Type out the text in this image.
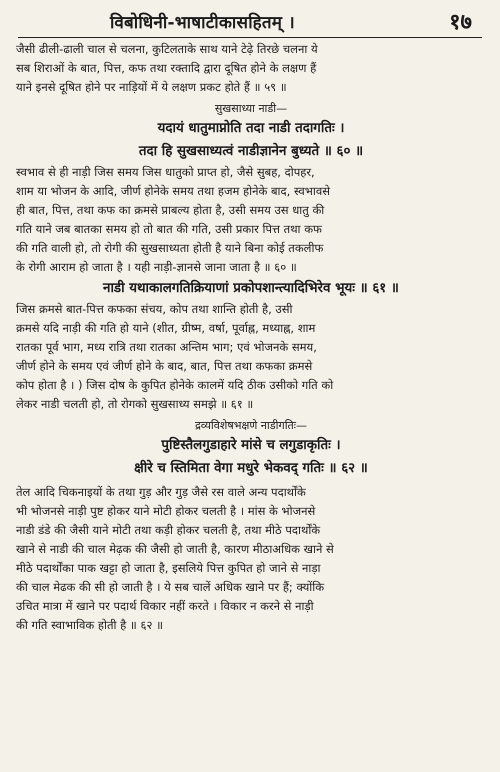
विबोधिनी-भाषाटीकासहितम् ।	१७

जैसी ढीली-ढाली चाल से चलना, कुटिलताके साथ याने टेढ़े तिरछे चलना ये
सब शिराओं के बात, पित्त, कफ तथा रक्तादि द्वारा दूषित होने के लक्षण हैं
याने इनसे दूषित होने पर नाड़ियों में ये लक्षण प्रकट होते हैं ॥ ५९ ॥

सुखसाध्या नाडी—

यदायं धातुमाप्नोति तदा नाडी तदागतिः ।
तदा हि सुखसाध्यत्वं नाडीज्ञानेन बुध्यते ॥ ६० ॥

स्वभाव से ही नाड़ी जिस समय जिस धातुको प्राप्त हो, जैसे सुबह, दोपहर,
शाम या भोजन के आदि, जीर्ण होनेके समय तथा हजम होनेके बाद, स्वभावसे
ही बात, पित्त, तथा कफ का क्रमसे प्राबल्य होता है, उसी समय उस धातु की
गति याने जब बातका समय हो तो बात की गति, उसी प्रकार पित्त तथा कफ
की गति वाली हो, तो रोगी की सुखसाध्यता होती है याने बिना कोई तकलीफ
के रोगी आराम हो जाता है । यही नाड़ी-ज्ञानसे जाना जाता है ॥ ६० ॥

नाडी यथाकालगतिक्रियाणां प्रकोपशान्त्यादिभिरेव भूयः ॥ ६१ ॥

जिस क्रमसे बात-पित्त कफका संचय, कोप तथा शान्ति होती है, उसी
क्रमसे यदि नाड़ी की गति हो याने (शीत, ग्रीष्म, वर्षा, पूर्वाह्न, मध्याह्न, शाम
रातका पूर्व भाग, मध्य रात्रि तथा रातका अन्तिम भाग; एवं भोजनके समय,
जीर्ण होने के समय एवं जीर्ण होने के बाद, बात, पित्त तथा कफका क्रमसे
कोप होता है । ) जिस दोष के कुपित होनेके कालमें यदि ठीक उसीको गति को
लेकर नाडी चलती हो, तो रोगको सुखसाध्य समझे ॥ ६१ ॥

द्रव्यविशेषभक्षणे नाडीगतिः—

पुष्टिस्तैलगुडाहारे मांसे च लगुडाकृतिः ।
क्षीरे च स्तिमिता वेगा मधुरे भेकवद् गतिः ॥ ६२ ॥

तेल आदि चिकनाइयों के तथा गुड़ और गुड़ जैसे रस वाले अन्य पदार्थोंके
भी भोजनसे नाड़ी पुष्ट होकर याने मोटी होकर चलती है । मांस के भोजनसे
नाडी डंडे की जैसी याने मोटी तथा कड़ी होकर चलती है, तथा मीठे पदार्थोंके
खाने से नाडी की चाल मेढ़क की जैसी हो जाती है, कारण मीठाअधिक खाने से
मीठे पदार्थोंका पाक खट्टा हो जाता है, इसलिये पित्त कुपित हो जाने से नाड़ा
की चाल मेढक की सी हो जाती है । ये सब चालें अधिक खाने पर हैं; क्योंकि
उचित मात्रा में खाने पर पदार्थ विकार नहीं करते । विकार न करने से नाड़ी
की गति स्वाभाविक होती है ॥ ६२ ॥
